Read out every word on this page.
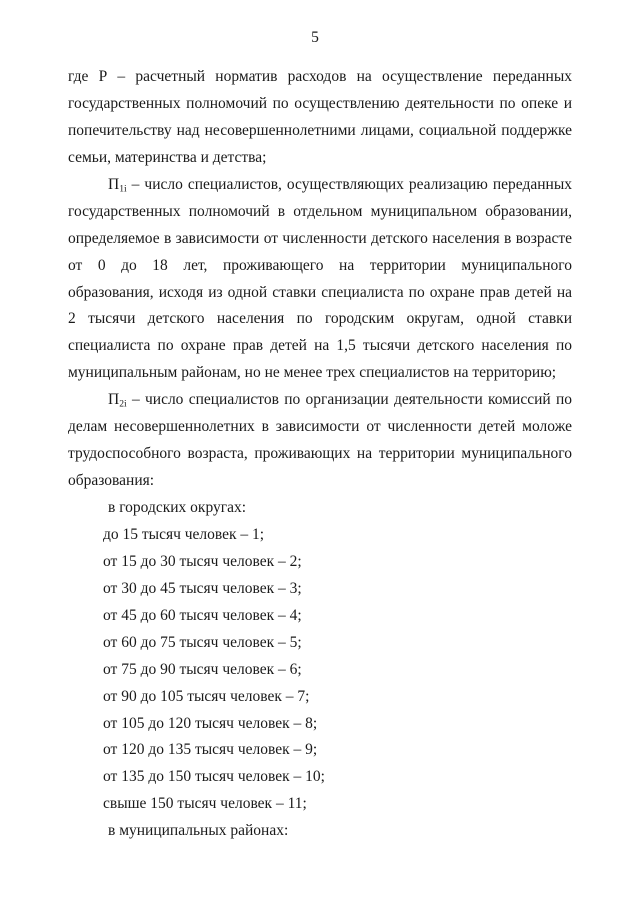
5
где Р – расчетный норматив расходов на осуществление переданных
государственных полномочий по осуществлению деятельности по опеке и
попечительству над несовершеннолетними лицами, социальной поддержке
семьи, материнства и детства;
$П_{1i}$ – число специалистов, осуществляющих реализацию переданных
государственных полномочий в отдельном муниципальном образовании,
определяемое в зависимости от численности детского населения в возрасте
от 0 до 18 лет, проживающего на территории муниципального
образования, исходя из одной ставки специалиста по охране прав детей на
2 тысячи детского населения по городским округам, одной ставки
специалиста по охране прав детей на 1,5 тысячи детского населения по
муниципальным районам, но не менее трех специалистов на территорию;
$П_{2i}$ – число специалистов по организации деятельности комиссий по
делам несовершеннолетних в зависимости от численности детей моложе
трудоспособного возраста, проживающих на территории муниципального
образования:
в городских округах:
до 15 тысяч человек – 1;
от 15 до 30 тысяч человек – 2;
от 30 до 45 тысяч человек – 3;
от 45 до 60 тысяч человек – 4;
от 60 до 75 тысяч человек – 5;
от 75 до 90 тысяч человек – 6;
от 90 до 105 тысяч человек – 7;
от 105 до 120 тысяч человек – 8;
от 120 до 135 тысяч человек – 9;
от 135 до 150 тысяч человек – 10;
свыше 150 тысяч человек – 11;
в муниципальных районах:
